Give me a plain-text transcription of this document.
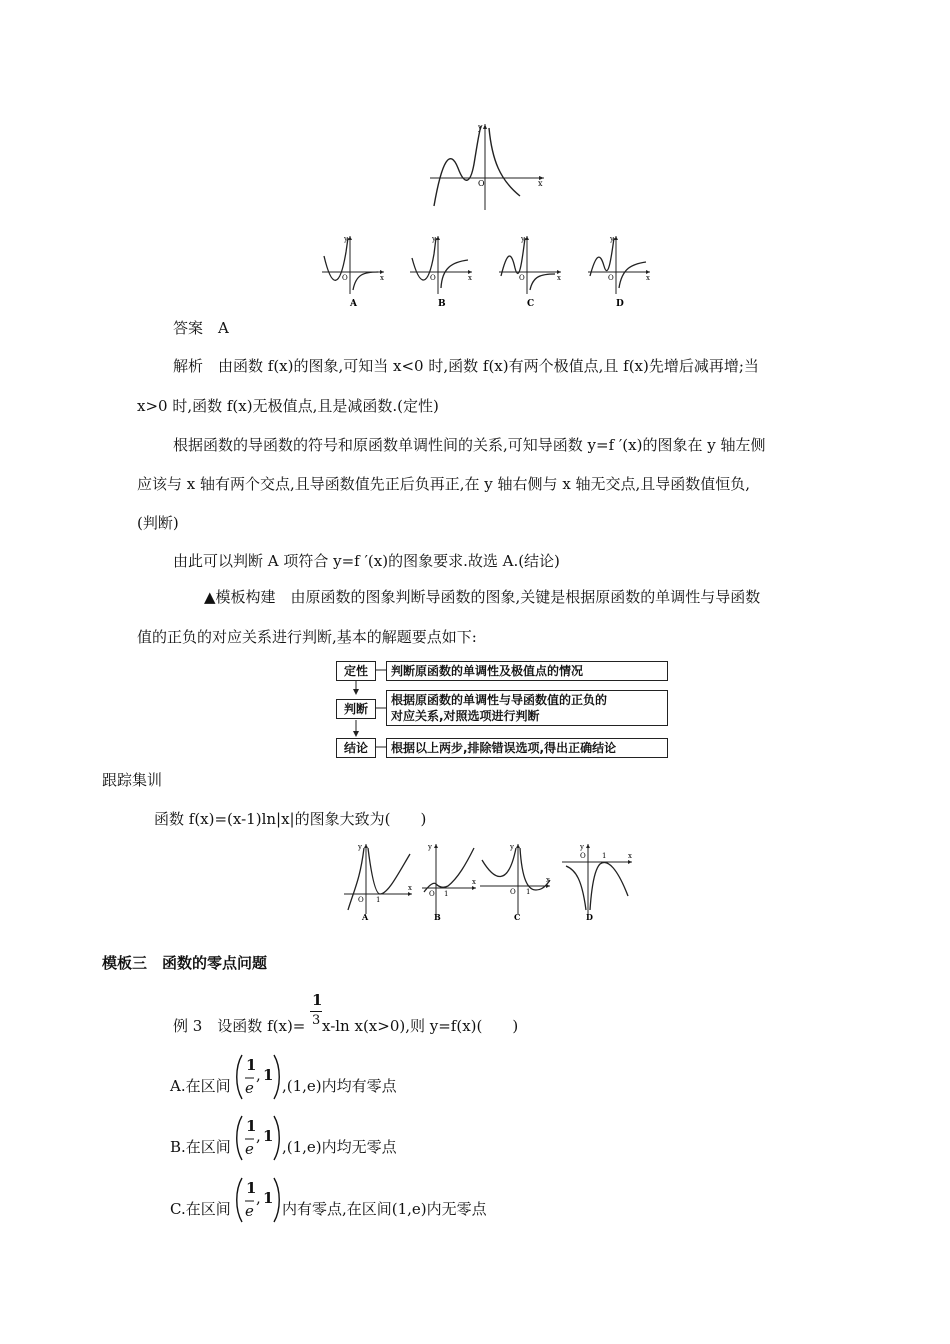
y
x
O
y
x
O
A
y
x
O
B
y
x
O
C
y
x
O
D
答案　A
解析　由函数 f(x)的图象,可知当 x<0 时,函数 f(x)有两个极值点,且 f(x)先增后减再增;当
x>0 时,函数 f(x)无极值点,且是减函数.(定性)
根据函数的导函数的符号和原函数单调性间的关系,可知导函数 y=f ′(x)的图象在 y 轴左侧
应该与 x 轴有两个交点,且导函数值先正后负再正,在 y 轴右侧与 x 轴无交点,且导函数值恒负,
(判断)
由此可以判断 A 项符合 y=f ′(x)的图象要求.故选 A.(结论)
▲模板构建　由原函数的图象判断导函数的图象,关键是根据原函数的单调性与导函数
值的正负的对应关系进行判断,基本的解题要点如下:
定性	判断原函数的单调性及极值点的情况
判断
根据原函数的单调性与导函数值的正负的
对应关系,对照选项进行判断
结论	根据以上两步,排除错误选项,得出正确结论
跟踪集训
函数 f(x)=(x-1)ln|x|的图象大致为(　　)
y
x
O 1
A
y
x
O 1
B
y
x
O 1
C
y
x
O 1
D
模板三　函数的零点问题
例 3　设函数 f(x)=
1
3 x-ln x(x>0),则 y=f(x)(　　)
A.在区间
1
e
, 1
,(1,e)内均有零点
B.在区间
1
e
, 1
,(1,e)内均无零点
C.在区间
1
e
, 1
内有零点,在区间(1,e)内无零点
